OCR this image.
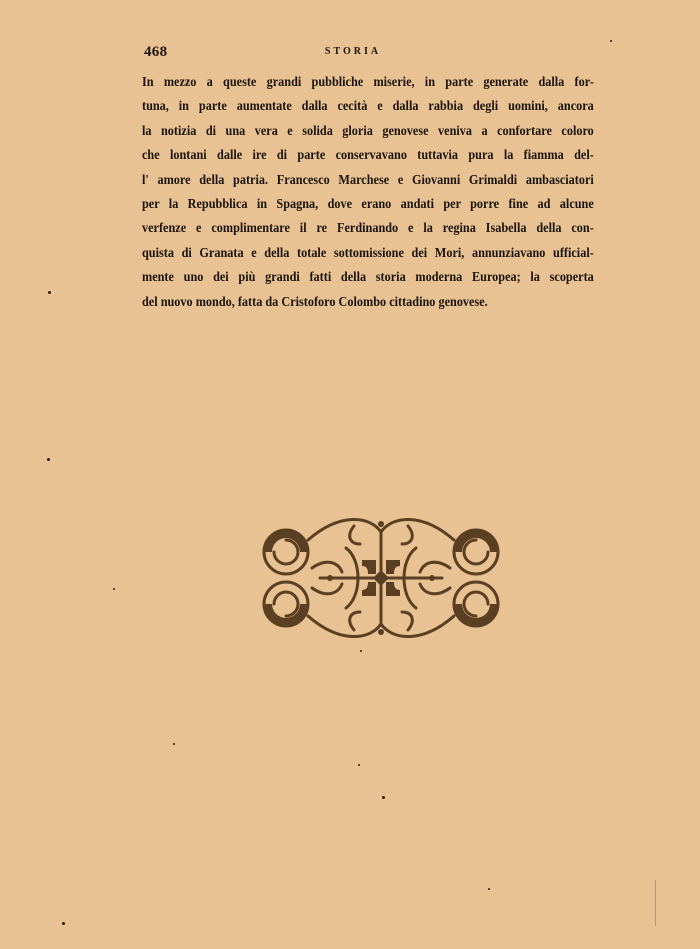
468	STORIA
In mezzo a queste grandi pubbliche miserie, in parte generate dalla for-
tuna, in parte aumentate dalla cecità e dalla rabbia degli uomini, ancora
la notizia di una vera e solida gloria genovese veniva a confortare coloro
che lontani dalle ire di parte conservavano tuttavia pura la fiamma del-
l' amore della patria. Francesco Marchese e Giovanni Grimaldi ambasciatori
per la Repubblica in Spagna, dove erano andati per porre fine ad alcune
verfenze e complimentare il re Ferdinando e la regina Isabella della con-
quista di Granata e della totale sottomissione dei Mori, annunziavano ufficial-
mente uno dei più grandi fatti della storia moderna Europea; la scoperta
del nuovo mondo, fatta da Cristoforo Colombo cittadino genovese.
